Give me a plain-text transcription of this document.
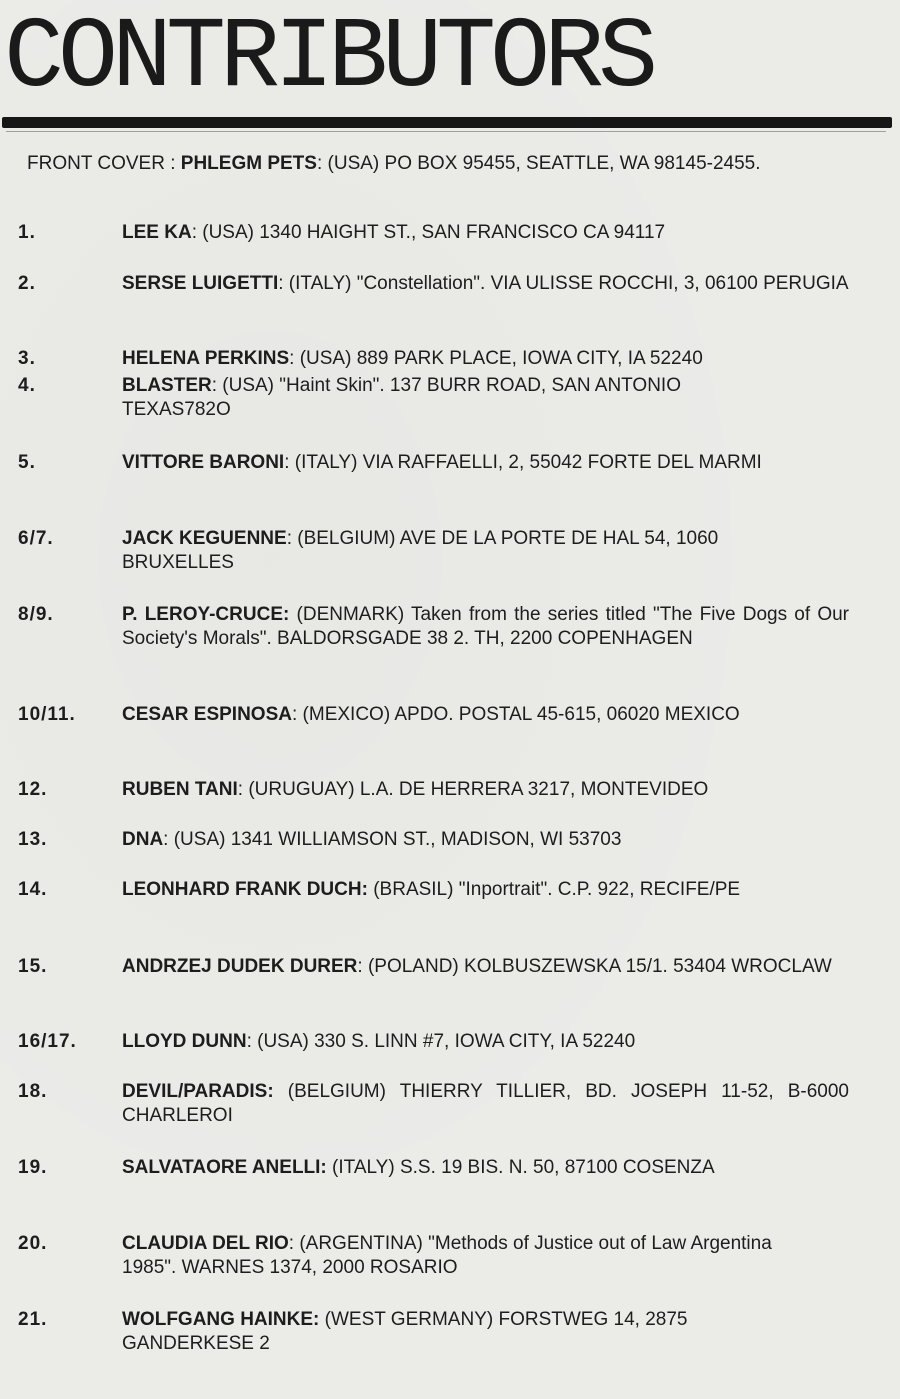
CONTRIBUTORS
FRONT COVER : PHLEGM PETS: (USA) PO BOX 95455, SEATTLE, WA 98145-2455.
1.	LEE KA: (USA) 1340 HAIGHT ST., SAN FRANCISCO CA 94117
2.	SERSE LUIGETTI: (ITALY) "Constellation". VIA ULISSE ROCCHI, 3, 06100 PERUGIA
3.	HELENA PERKINS: (USA) 889 PARK PLACE, IOWA CITY, IA 52240
4.	BLASTER: (USA) "Haint Skin". 137 BURR ROAD, SAN ANTONIO TEXAS782O
5.	VITTORE BARONI: (ITALY) VIA RAFFAELLI, 2, 55042 FORTE DEL MARMI
6/7.	JACK KEGUENNE: (BELGIUM) AVE DE LA PORTE DE HAL 54, 1060 BRUXELLES
8/9.	P. LEROY-CRUCE: (DENMARK) Taken from the series titled "The Five Dogs of Our Society's Morals". BALDORSGADE 38 2. TH, 2200 COPENHAGEN
10/11. CESAR ESPINOSA: (MEXICO) APDO. POSTAL 45-615, 06020 MEXICO
12.	RUBEN TANI: (URUGUAY) L.A. DE HERRERA 3217, MONTEVIDEO
13.	DNA: (USA) 1341 WILLIAMSON ST., MADISON, WI 53703
14.	LEONHARD FRANK DUCH: (BRASIL) "Inportrait". C.P. 922, RECIFE/PE
15.	ANDRZEJ DUDEK DURER: (POLAND) KOLBUSZEWSKA 15/1. 53404 WROCLAW
16/17. LLOYD DUNN: (USA) 330 S. LINN #7, IOWA CITY, IA 52240
18.	DEVIL/PARADIS: (BELGIUM) THIERRY TILLIER, BD. JOSEPH 11-52, B-6000 CHARLEROI
19.	SALVATAORE ANELLI: (ITALY) S.S. 19 BIS. N. 50, 87100 COSENZA
20.	CLAUDIA DEL RIO: (ARGENTINA) "Methods of Justice out of Law Argentina 1985". WARNES 1374, 2000 ROSARIO
21.	WOLFGANG HAINKE: (WEST GERMANY) FORSTWEG 14, 2875 GANDERKESE 2
